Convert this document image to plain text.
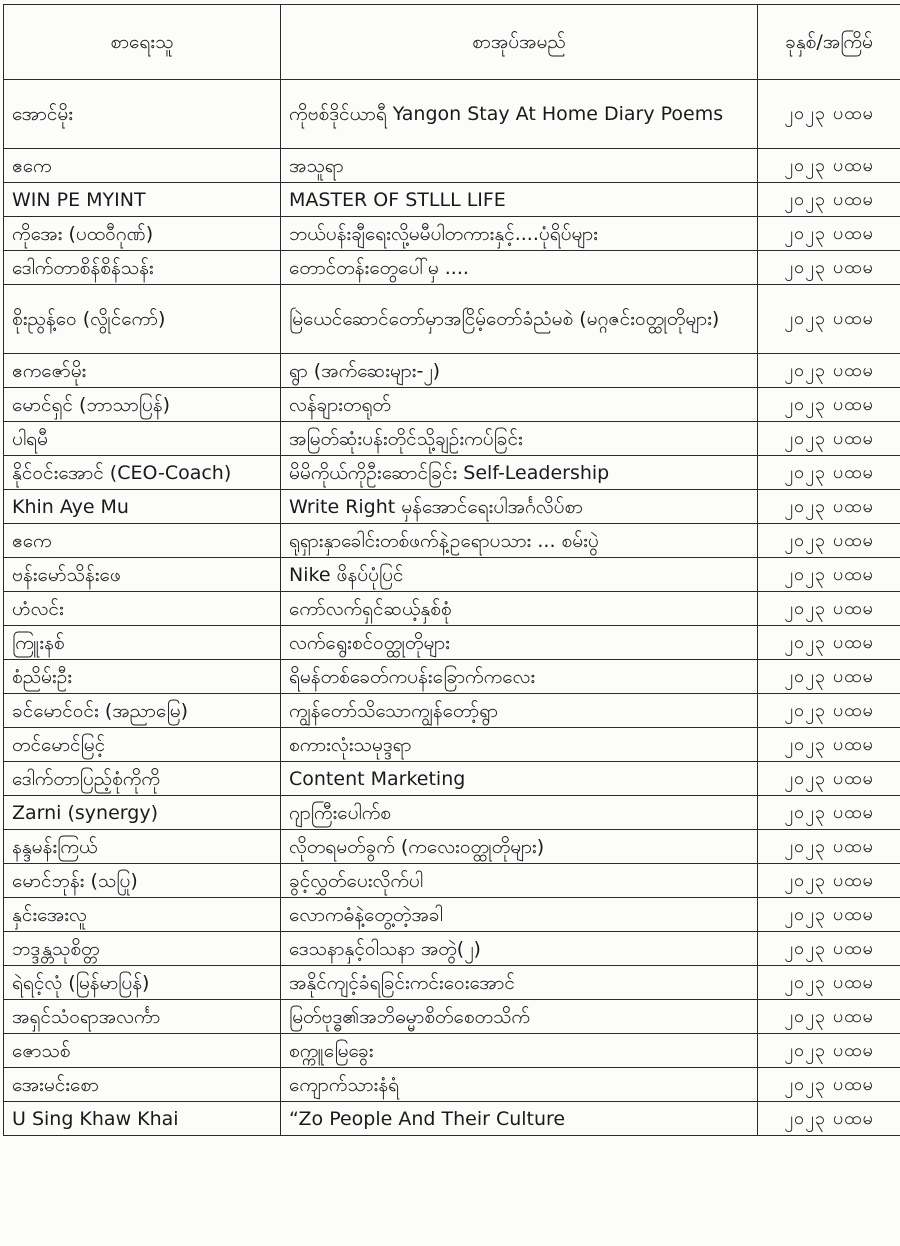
စာရေးသူ	စာအုပ်အမည်	ခုနှစ်/အကြိမ်
အောင်မိုး	ကိုဗစ်ဒိုင်ယာရီ Yangon Stay At Home Diary Poems	၂၀၂၃ ပထမ
ဧကေ	အသူရာ	၂၀၂၃ ပထမ
WIN PE MYINT	MASTER OF STLLL LIFE	၂၀၂၃ ပထမ
ကိုအေး (ပထဝီဂုဏ်)	ဘယ်ပန်းချီရေးလို့မမီပါတကားနှင့်....ပုံရိပ်များ	၂၀၂၃ ပထမ
ဒေါက်တာစိန်စိန်သန်း	တောင်တန်းတွေပေါ်မှ ....	၂၀၂၃ ပထမ
စိုးညွန့်ဝေ (လွိုင်ကော်)	မြဲယေင်ဆောင်တော်မှာအငြိမ့်တော်ခံညံမစဲ (မဂ္ဂဇင်းဝတ္ထုတိုများ)	၂၀၂၃ ပထမ
ဧကဇော်မိုး	ရွာ (အက်ဆေးများ-၂)	၂၀၂၃ ပထမ
မောင်ရှင် (ဘာသာပြန်)	လန်ချားတရုတ်	၂၀၂၃ ပထမ
ပါရမီ	အမြတ်ဆုံးပန်းတိုင်သို့ချဉ်းကပ်ခြင်း	၂၀၂၃ ပထမ
နိုင်ဝင်းအောင် (CEO-Coach)	မိမိကိုယ်ကိုဦးဆောင်ခြင်း Self-Leadership	၂၀၂၃ ပထမ
Khin Aye Mu	Write Right မှန်အောင်ရေးပါအင်္ဂလိပ်စာ	၂၀၂၃ ပထမ
ဧကေ	ရုရှားနှာခေါင်းတစ်ဖက်နဲ့ဥရောပသား ... စမ်းပွဲ	၂၀၂၃ ပထမ
ဗန်းမော်သိန်းဖေ	Nike ဖိနပ်ပုံပြင်	၂၀၂၃ ပထမ
ဟံလင်း	ကော်လက်ရှင်ဆယ့်နှစ်စုံ	၂၀၂၃ ပထမ
ကြူးနစ်	လက်ရွေးစင်ဝတ္ထုတိုများ	၂၀၂၃ ပထမ
စံညိမ်းဦး	ရိမန်တစ်ခေတ်ကပန်းခြောက်ကလေး	၂၀၂၃ ပထမ
ခင်မောင်ဝင်း (အညာမြေ)	ကျွန်တော်သိသောကျွန်တော့်ရွာ	၂၀၂၃ ပထမ
တင်မောင်မြင့်	စကားလုံးသမုဒ္ဒရာ	၂၀၂၃ ပထမ
ဒေါက်တာပြည့်စုံကိုကို	Content Marketing	၂၀၂၃ ပထမ
Zarni (synergy)	ဂျာကြီးပေါက်စ	၂၀၂၃ ပထမ
နန္ဒမန်းကြယ်	လိုတရမတ်ခွက် (ကလေးဝတ္ထုတိုများ)	၂၀၂၃ ပထမ
မောင်ဘုန်း (သပြု)	ခွင့်လွှတ်ပေးလိုက်ပါ	၂၀၂၃ ပထမ
နှင်းအေးလူ	လောကဓံနဲ့တွေ့တဲ့အခါ	၂၀၂၃ ပထမ
ဘဒ္ဒန္တသုစိတ္တ	ဒေသနာနှင့်ဝါသနာ အတွဲ(၂)	၂၀၂၃ ပထမ
ရဲရင့်လုံ (မြန်မာပြန်)	အနိုင်ကျင့်ခံရခြင်းကင်းဝေးအောင်	၂၀၂၃ ပထမ
အရှင်သံဝရာအလင်္ကာ	မြတ်ဗုဒ္ဓ၏အဘိဓမ္မာစိတ်စေတသိက်	၂၀၂၃ ပထမ
ဇောသစ်	စက္ကူမြေခွေး	၂၀၂၃ ပထမ
အေးမင်းစော	ကျောက်သားနံရံ	၂၀၂၃ ပထမ
U Sing Khaw Khai	“Zo People And Their Culture	၂၀၂၃ ပထမ
